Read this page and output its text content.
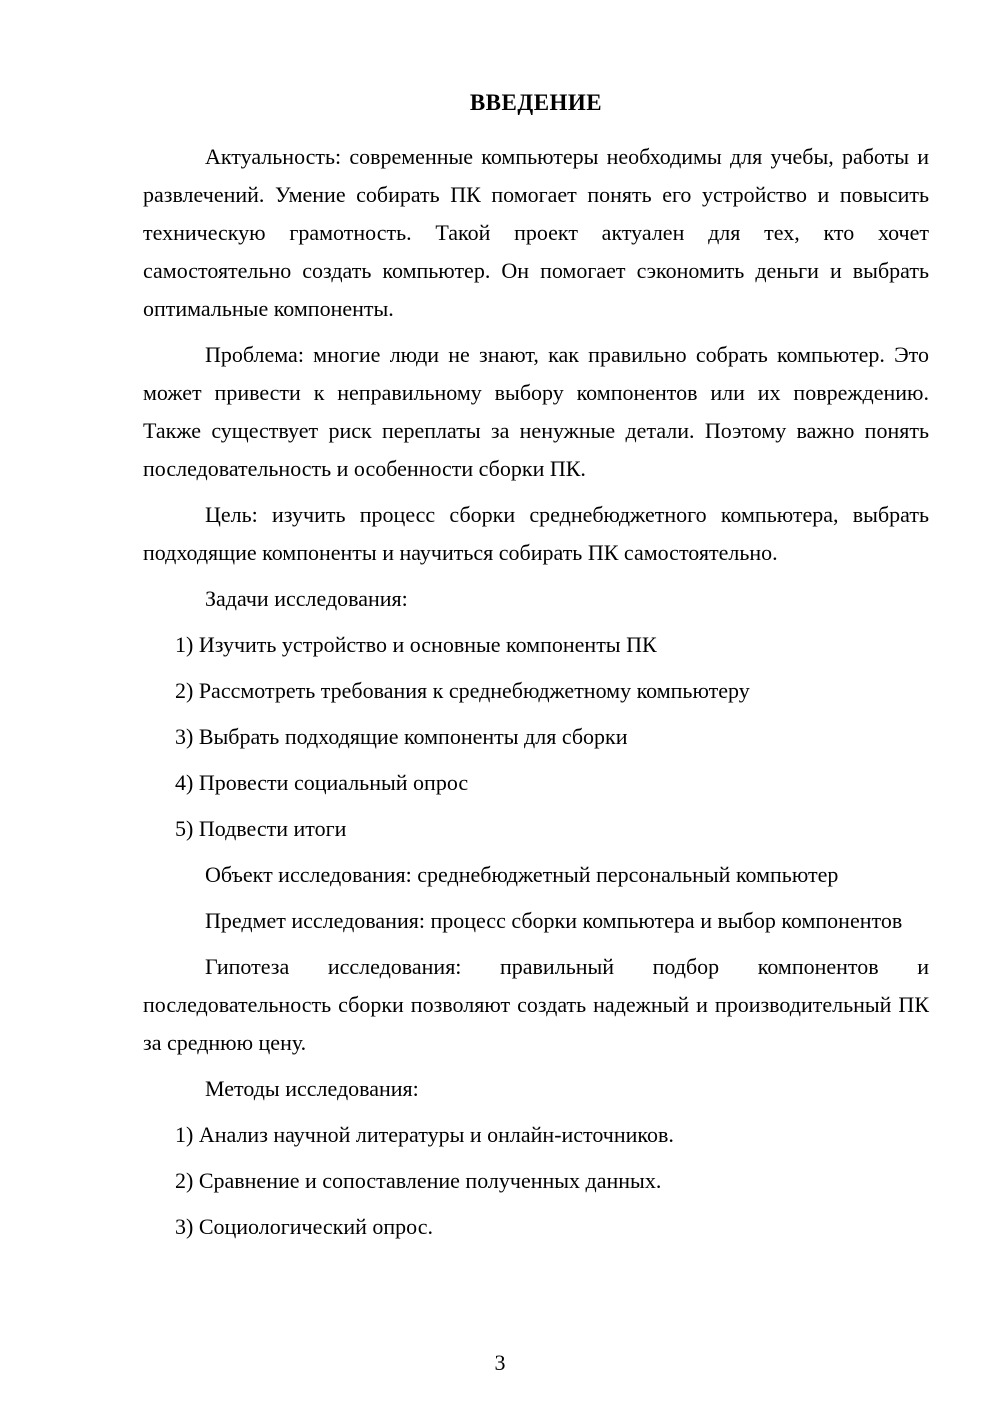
ВВЕДЕНИЕ

Актуальность: современные компьютеры необходимы для учебы, работы и развлечений. Умение собирать ПК помогает понять его устройство и повысить техническую грамотность. Такой проект актуален для тех, кто хочет самостоятельно создать компьютер. Он помогает сэкономить деньги и выбрать оптимальные компоненты.

Проблема: многие люди не знают, как правильно собрать компьютер. Это может привести к неправильному выбору компонентов или их повреждению. Также существует риск переплаты за ненужные детали. Поэтому важно понять последовательность и особенности сборки ПК.

Цель: изучить процесс сборки среднебюджетного компьютера, выбрать подходящие компоненты и научиться собирать ПК самостоятельно.

Задачи исследования:

1) Изучить устройство и основные компоненты ПК

2) Рассмотреть требования к среднебюджетному компьютеру

3) Выбрать подходящие компоненты для сборки

4) Провести социальный опрос

5) Подвести итоги

Объект исследования: среднебюджетный персональный компьютер

Предмет исследования: процесс сборки компьютера и выбор компонентов

Гипотеза исследования: правильный подбор компонентов и последовательность сборки позволяют создать надежный и производительный ПК за среднюю цену.

Методы исследования:

1) Анализ научной литературы и онлайн-источников.

2) Сравнение и сопоставление полученных данных.

3) Социологический опрос.

3
